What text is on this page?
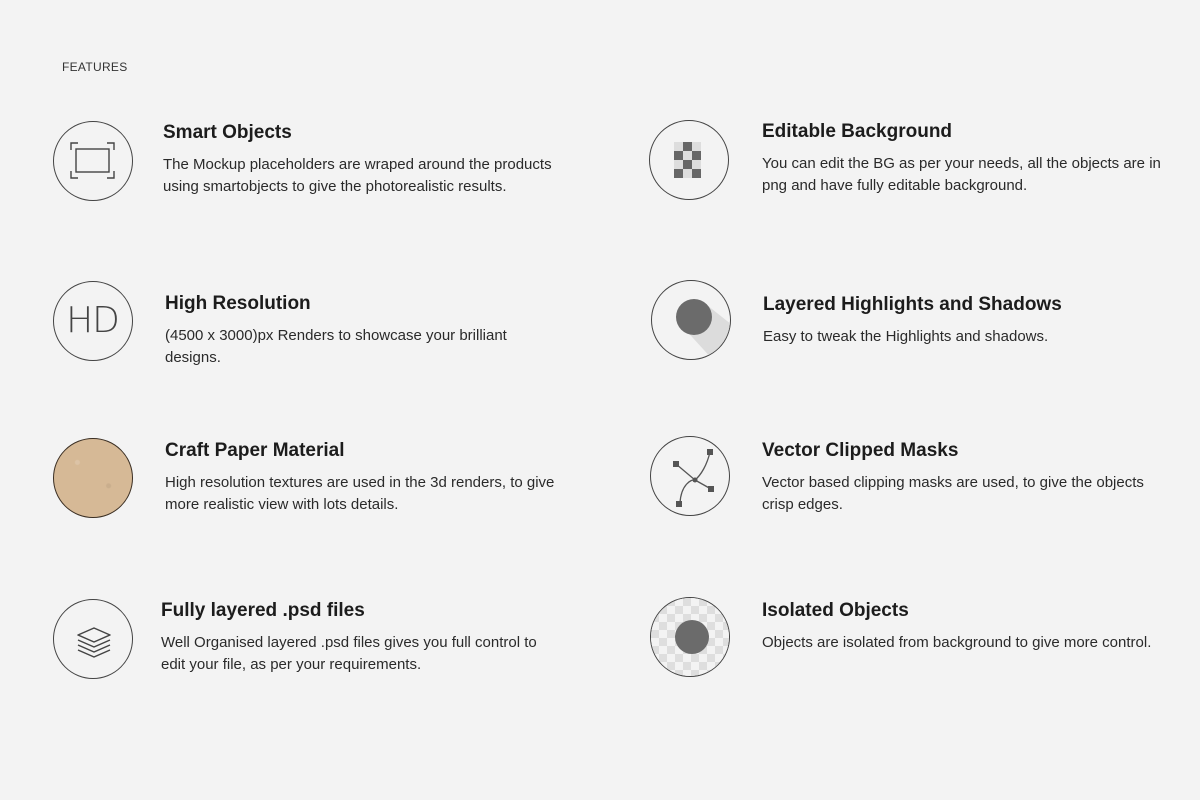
FEATURES
Smart Objects
The Mockup placeholders are wraped around the products using smartobjects to give the photorealistic results.
Editable Background
You can edit the BG as per your needs, all the objects are in png and have fully editable background.
HD	High Resolution
(4500 x 3000)px Renders to showcase your brilliant designs.
Layered Highlights and Shadows
Easy to tweak the Highlights and shadows.
Craft Paper Material
High resolution textures are used in the 3d renders, to give more realistic view with lots details.
Vector Clipped Masks
Vector based clipping masks are used, to give the objects crisp edges.
Fully layered .psd files
Well Organised layered .psd files gives you full control to edit your file, as per your requirements.
Isolated Objects
Objects are isolated from background to give more control.
